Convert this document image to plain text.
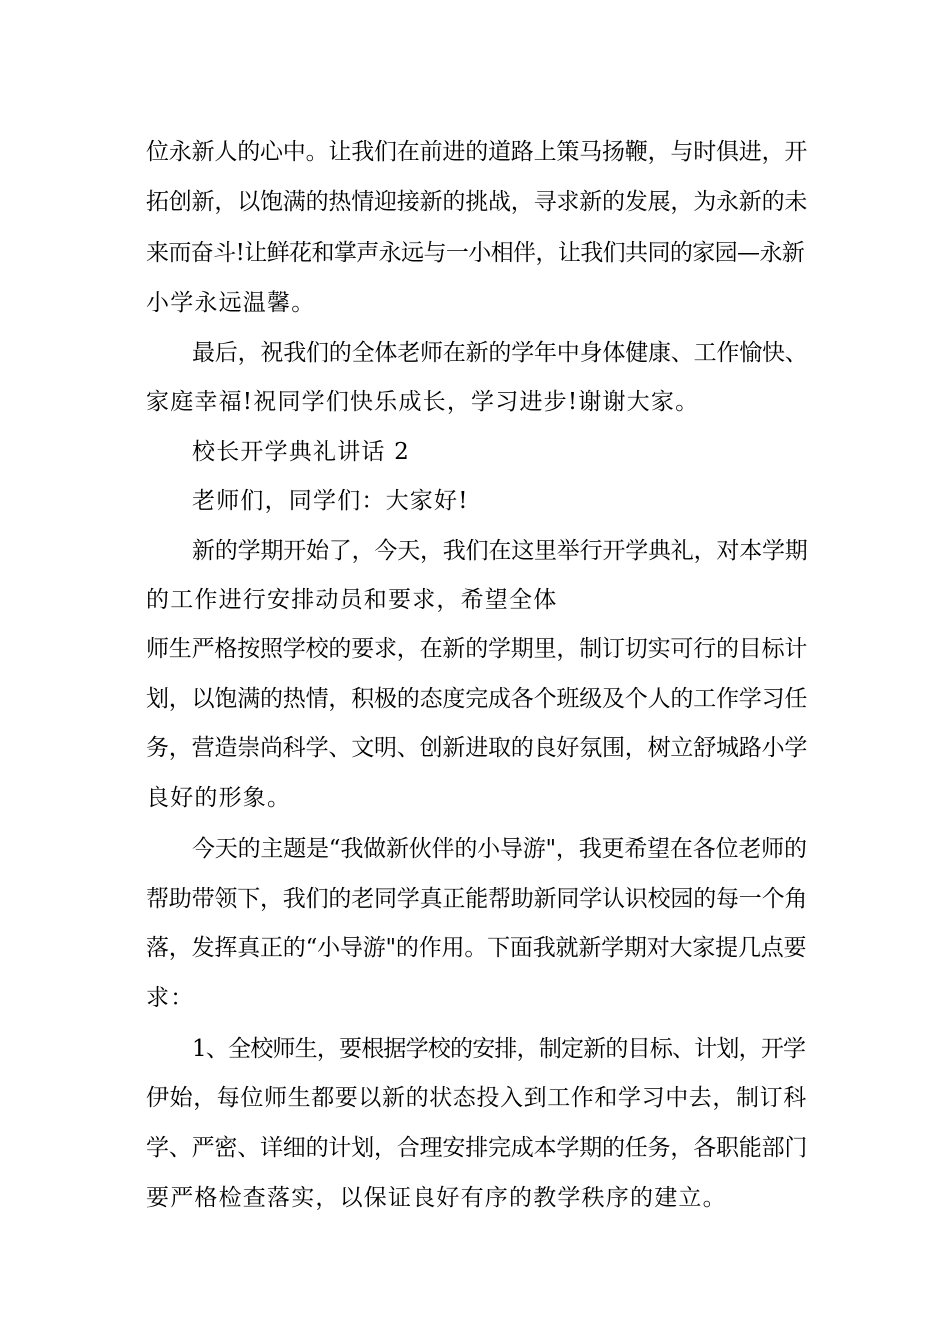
位永新人的心中。让我们在前进的道路上策马扬鞭，与时俱进，开
拓创新，以饱满的热情迎接新的挑战，寻求新的发展，为永新的未
来而奋斗!让鲜花和掌声永远与一小相伴，让我们共同的家园—永新
小学永远温馨。
最后，祝我们的全体老师在新的学年中身体健康、工作愉快、
家庭幸福!祝同学们快乐成长，学习进步!谢谢大家。
校长开学典礼讲话 2
老师们，同学们：大家好!
新的学期开始了，今天，我们在这里举行开学典礼，对本学期
的工作进行安排动员和要求，希望全体
师生严格按照学校的要求，在新的学期里，制订切实可行的目标计
划，以饱满的热情，积极的态度完成各个班级及个人的工作学习任
务，营造崇尚科学、文明、创新进取的良好氛围，树立舒城路小学
良好的形象。
今天的主题是“我做新伙伴的小导游"，我更希望在各位老师的
帮助带领下，我们的老同学真正能帮助新同学认识校园的每一个角
落，发挥真正的“小导游"的作用。下面我就新学期对大家提几点要
求：
1、全校师生，要根据学校的安排，制定新的目标、计划，开学
伊始，每位师生都要以新的状态投入到工作和学习中去，制订科
学、严密、详细的计划，合理安排完成本学期的任务，各职能部门
要严格检查落实，以保证良好有序的教学秩序的建立。
